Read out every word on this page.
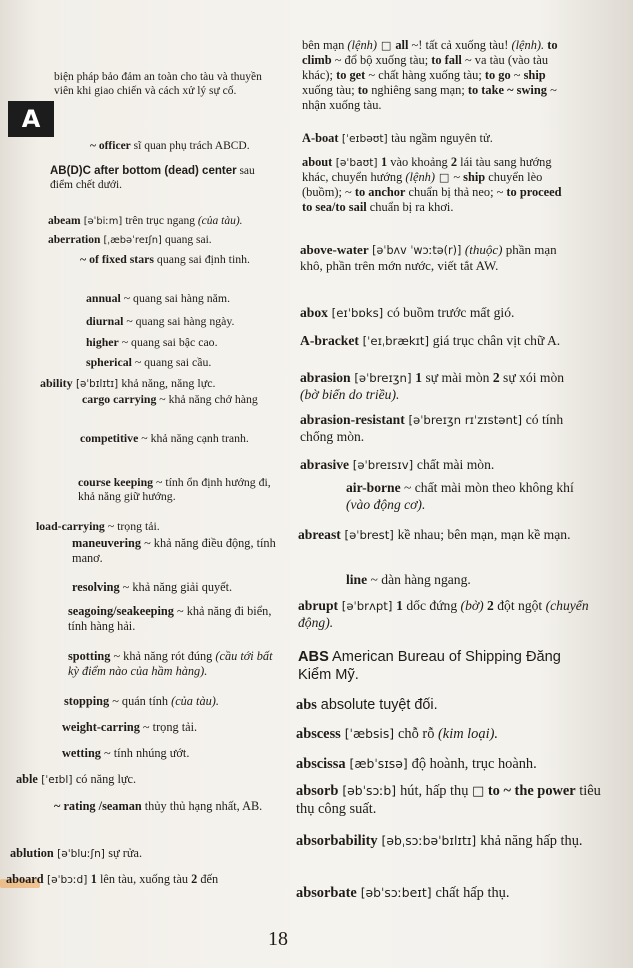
A

biện pháp bảo đảm an toàn cho tàu và thuyền viên khi giao chiến và cách xử lý sự cố.

~ officer sĩ quan phụ trách ABCD.

AB(D)C after bottom (dead) center sau điểm chết dưới.

abeam [əˈbiːm] trên trục ngang (của tàu).

aberration [ˌæbəˈreɪʃn] quang sai.

~ of fixed stars quang sai định tinh.

annual ~ quang sai hàng năm.

diurnal ~ quang sai hàng ngày.

higher ~ quang sai bậc cao.

spherical ~ quang sai cầu.

ability [əˈbɪlɪtɪ] khả năng, năng lực.

cargo carrying ~ khả năng chở hàng

competitive ~ khả năng cạnh tranh.

course keeping ~ tính ổn định hướng đi, khả năng giữ hướng.

load-carrying ~ trọng tải.

maneuvering ~ khả năng điều động, tính manơ.

resolving ~ khả năng giải quyết.

seagoing/seakeeping ~ khả năng đi biển, tính hàng hải.

spotting ~ khả năng rót đúng (cầu tới bất kỳ điểm nào của hầm hàng).

stopping ~ quán tính (của tàu).

weight-carring ~ trọng tải.

wetting ~ tính nhúng ướt.

able [ˈeɪbl] có năng lực.

~ rating /seaman thủy thủ hạng nhất, AB.

ablution [əˈbluːʃn] sự rửa.

aboard [əˈbɔːd] 1 lên tàu, xuống tàu 2 đến

bên mạn (lệnh) □ all ~! tất cả xuống tàu! (lệnh). to climb ~ đổ bộ xuống tàu; to fall ~ va tàu (vào tàu khác); to get ~ chất hàng xuống tàu; to go ~ ship xuống tàu; to nghiêng sang mạn; to take ~ swing ~ nhận xuống tàu.

A-boat [ˈeɪbəʊt] tàu ngầm nguyên tử.

about [əˈbaʊt] 1 vào khoảng 2 lái tàu sang hướng khác, chuyển hướng (lệnh) □ ~ ship chuyển lèo (buồm); ~ to anchor chuẩn bị thả neo; ~ to proceed to sea/to sail chuẩn bị ra khơi.

above-water [əˈbʌv ˈwɔːtə(r)] (thuộc) phần mạn khô, phần trên mớn nước, viết tắt AW.

abox [eɪˈbɒks] có buồm trước mất gió.

A-bracket [ˈeɪˌbrækɪt] giá trục chân vịt chữ A.

abrasion [əˈbreɪʒn] 1 sự mài mòn 2 sự xói mòn (bờ biển do triều).

abrasion-resistant [əˈbreɪʒn rɪˈzɪstənt] có tính chống mòn.

abrasive [əˈbreɪsɪv] chất mài mòn.

air-borne ~ chất mài mòn theo không khí (vào động cơ).

abreast [əˈbrest] kề nhau; bên mạn, mạn kề mạn.

line ~ dàn hàng ngang.

abrupt [əˈbrʌpt] 1 dốc đứng (bờ) 2 đột ngột (chuyển động).

ABS American Bureau of Shipping Đăng Kiểm Mỹ.

abs absolute tuyệt đối.

abscess [ˈæbsis] chỗ rỗ (kim loại).

abscissa [æbˈsɪsə] độ hoành, trục hoành.

absorb [əbˈsɔːb] hút, hấp thụ □ to ~ the power tiêu thụ công suất.

absorbability [əbˌsɔːbəˈbɪlɪtɪ] khả năng hấp thụ.

absorbate [əbˈsɔːbeɪt] chất hấp thụ.

18
